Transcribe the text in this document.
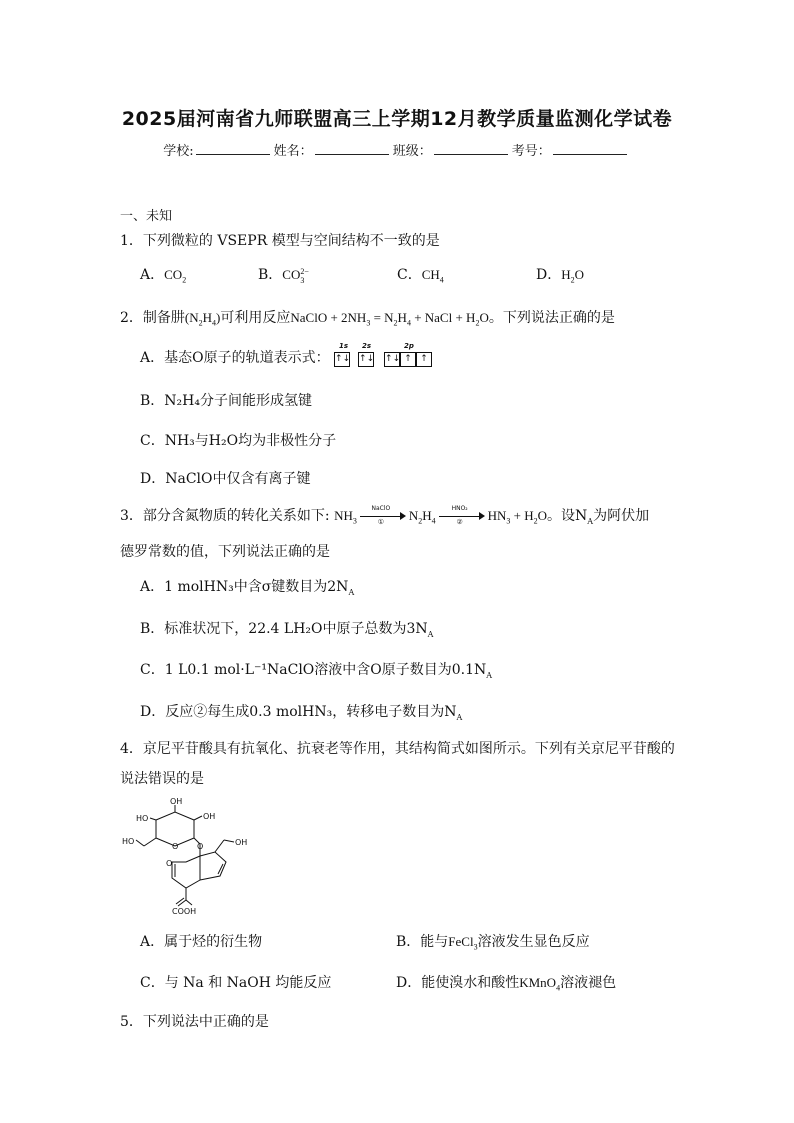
2025届河南省九师联盟高三上学期12月教学质量监测化学试卷
学校:	姓名：	班级：	考号：
一、未知
1．下列微粒的 VSEPR 模型与空间结构不一致的是
A．$CO_2$	B．$CO_3^{2-}$	C．$CH_4$	D．$H_2O$
2．制备肼$(N_2H_4)$可利用反应NaClO + $2NH_3 = N_2H_4$ + NaCl + $H_2O$。下列说法正确的是
A．基态O原子的轨道表示式：
1s 2s	2p
↑↓ ↑↓ ↑↓ ↑ ↑
B．N₂H₄分子间能形成氢键
C．NH₃与H₂O均为非极性分子
D．NaClO中仅含有离子键
3．部分含氮物质的转化关系如下: $NH_3$
NaClO
①	$N_2H_4$
HNO₂
②	$HN_3 + H_2O$。设$N_A$为阿伏加
德罗常数的值，下列说法正确的是
A．1 molHN₃中含σ键数目为$2N_A$
B．标准状况下，22.4 LH₂O中原子总数为$3N_A$
C．1 L0.1 mol·L⁻¹NaClO溶液中含O原子数目为$0.1N_A$
D．反应②每生成0.3 molHN₃，转移电子数目为$N_A$
4．京尼平苷酸具有抗氧化、抗衰老等作用，其结构简式如图所示。下列有关京尼平苷酸的
说法错误的是
OH
OH
HO
HO
O O
O
OH
COOH
A．属于烃的衍生物	B．能与FeCl$_3$溶液发生显色反应
C．与 Na 和 NaOH 均能反应	D．能使溴水和酸性KMnO$_4$溶液褪色
5．下列说法中正确的是
